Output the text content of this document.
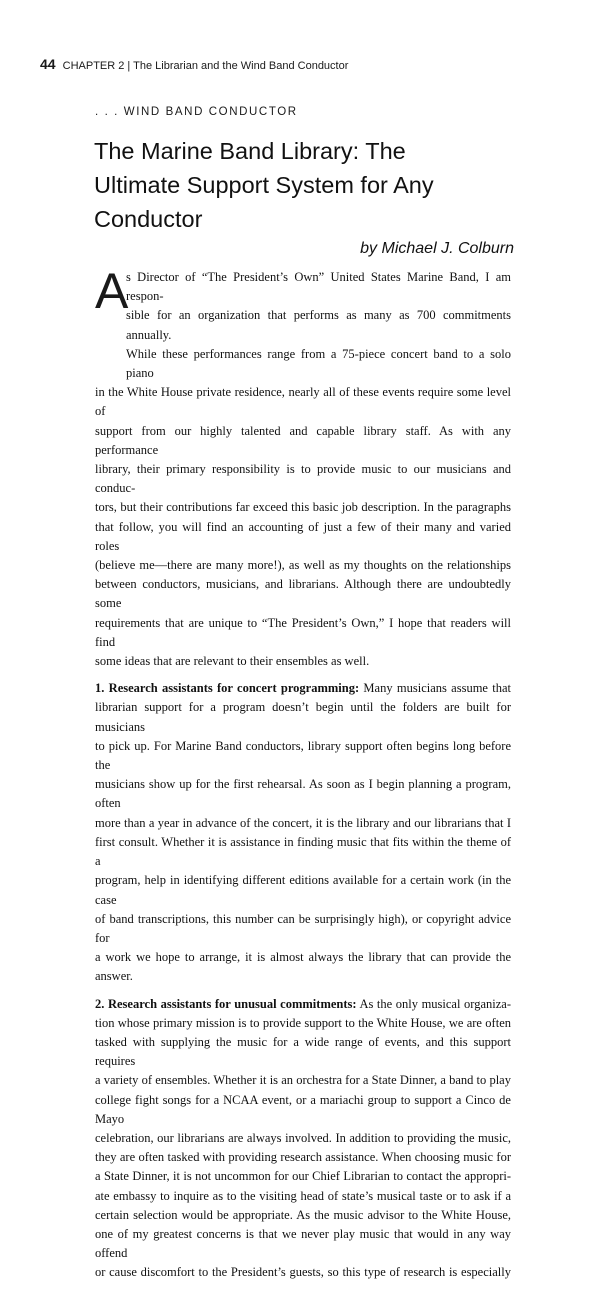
44 CHAPTER 2 | The Librarian and the Wind Band Conductor
. . . WIND BAND CONDUCTOR
The Marine Band Library: The Ultimate Support System for Any Conductor
by Michael J. Colburn
A

s Director of “The President’s Own” United States Marine Band, I am respon-
sible for an organization that performs as many as 700 commitments annually.
While these performances range from a 75-piece concert band to a solo piano
in the White House private residence, nearly all of these events require some level of
support from our highly talented and capable library staff. As with any performance
library, their primary responsibility is to provide music to our musicians and conduc-
tors, but their contributions far exceed this basic job description. In the paragraphs
that follow, you will find an accounting of just a few of their many and varied roles
(believe me—there are many more!), as well as my thoughts on the relationships
between conductors, musicians, and librarians. Although there are undoubtedly some
requirements that are unique to “The President’s Own,” I hope that readers will find
some ideas that are relevant to their ensembles as well.

1. Research assistants for concert programming: Many musicians assume that
librarian support for a program doesn’t begin until the folders are built for musicians
to pick up. For Marine Band conductors, library support often begins long before the
musicians show up for the first rehearsal. As soon as I begin planning a program, often
more than a year in advance of the concert, it is the library and our librarians that I
first consult. Whether it is assistance in finding music that fits within the theme of a
program, help in identifying different editions available for a certain work (in the case
of band transcriptions, this number can be surprisingly high), or copyright advice for
a work we hope to arrange, it is almost always the library that can provide the answer.

2. Research assistants for unusual commitments: As the only musical organiza-
tion whose primary mission is to provide support to the White House, we are often
tasked with supplying the music for a wide range of events, and this support requires
a variety of ensembles. Whether it is an orchestra for a State Dinner, a band to play
college fight songs for a NCAA event, or a mariachi group to support a Cinco de Mayo
celebration, our librarians are always involved. In addition to providing the music,
they are often tasked with providing research assistance. When choosing music for
a State Dinner, it is not uncommon for our Chief Librarian to contact the appropri-
ate embassy to inquire as to the visiting head of state’s musical taste or to ask if a
certain selection would be appropriate. As the music advisor to the White House,
one of my greatest concerns is that we never play music that would in any way offend
or cause discomfort to the President’s guests, so this type of research is especially
